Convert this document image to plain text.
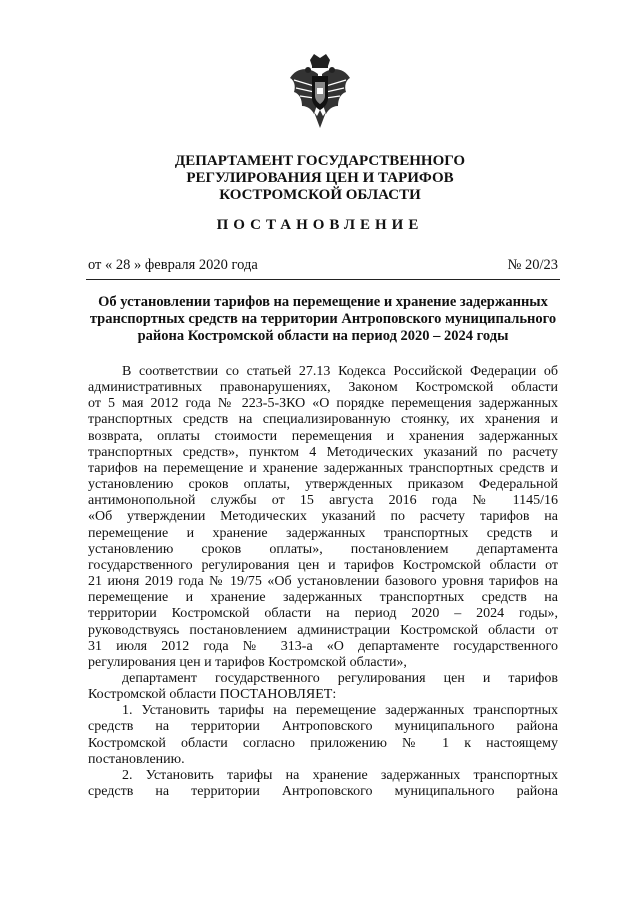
ДЕПАРТАМЕНТ ГОСУДАРСТВЕННОГО
РЕГУЛИРОВАНИЯ ЦЕН И ТАРИФОВ
КОСТРОМСКОЙ ОБЛАСТИ
ПОСТАНОВЛЕНИЕ
от « 28 » февраля 2020 года	№ 20/23
Об установлении тарифов на перемещение и хранение задержанных
транспортных средств на территории Антроповского муниципального
района Костромской области на период 2020 – 2024 годы

В соответствии со статьей 27.13 Кодекса Российской Федерации об

административных правонарушениях, Законом Костромской области

от 5 мая 2012 года № 223-5-ЗКО «О порядке перемещения задержанных

транспортных средств на специализированную стоянку, их хранения и

возврата, оплаты стоимости перемещения и хранения задержанных

транспортных средств», пунктом 4 Методических указаний по расчету

тарифов на перемещение и хранение задержанных транспортных средств и

установлению сроков оплаты, утвержденных приказом Федеральной

антимонопольной службы от 15 августа 2016 года № 1145/16

«Об утверждении Методических указаний по расчету тарифов на

перемещение и хранение задержанных транспортных средств и

установлению сроков оплаты», постановлением департамента

государственного регулирования цен и тарифов Костромской области от

21 июня 2019 года № 19/75 «Об установлении базового уровня тарифов на

перемещение и хранение задержанных транспортных средств на

территории Костромской области на период 2020 – 2024 годы»,

руководствуясь постановлением администрации Костромской области от

31 июля 2012 года № 313-а «О департаменте государственного

регулирования цен и тарифов Костромской области»,

департамент государственного регулирования цен и тарифов

Костромской области ПОСТАНОВЛЯЕТ:

1. Установить тарифы на перемещение задержанных транспортных

средств на территории Антроповского муниципального района

Костромской области согласно приложению № 1 к настоящему

постановлению.

2. Установить тарифы на хранение задержанных транспортных

средств на территории Антроповского муниципального района
